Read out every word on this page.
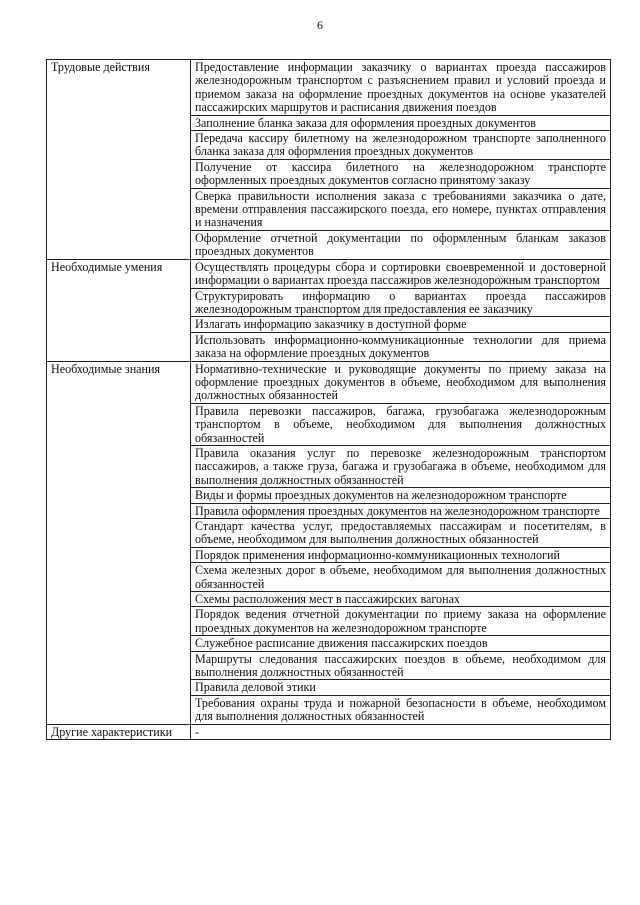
6
Трудовые действия	Предоставление информации заказчику о вариантах проезда пассажиров железнодорожным транспортом с разъяснением правил и условий проезда и приемом заказа на оформление проездных документов на основе указателей пассажирских маршрутов и расписания движения поездов
	Заполнение бланка заказа для оформления проездных документов
	Передача кассиру билетному на железнодорожном транспорте заполненного бланка заказа для оформления проездных документов
	Получение от кассира билетного на железнодорожном транспорте оформленных проездных документов согласно принятому заказу
	Сверка правильности исполнения заказа с требованиями заказчика о дате, времени отправления пассажирского поезда, его номере, пунктах отправления и назначения
	Оформление отчетной документации по оформленным бланкам заказов проездных документов
Необходимые умения	Осуществлять процедуры сбора и сортировки своевременной и достоверной информации о вариантах проезда пассажиров железнодорожным транспортом
	Структурировать информацию о вариантах проезда пассажиров железнодорожным транспортом для предоставления ее заказчику
	Излагать информацию заказчику в доступной форме
	Использовать информационно-коммуникационные технологии для приема заказа на оформление проездных документов
Необходимые знания	Нормативно-технические и руководящие документы по приему заказа на оформление проездных документов в объеме, необходимом для выполнения должностных обязанностей
	Правила перевозки пассажиров, багажа, грузобагажа железнодорожным транспортом в объеме, необходимом для выполнения должностных обязанностей
	Правила оказания услуг по перевозке железнодорожным транспортом пассажиров, а также груза, багажа и грузобагажа в объеме, необходимом для выполнения должностных обязанностей
	Виды и формы проездных документов на железнодорожном транспорте
	Правила оформления проездных документов на железнодорожном транспорте
	Стандарт качества услуг, предоставляемых пассажирам и посетителям, в объеме, необходимом для выполнения должностных обязанностей
	Порядок применения информационно-коммуникационных технологий
	Схема железных дорог в объеме, необходимом для выполнения должностных обязанностей
	Схемы расположения мест в пассажирских вагонах
	Порядок ведения отчетной документации по приему заказа на оформление проездных документов на железнодорожном транспорте
	Служебное расписание движения пассажирских поездов
	Маршруты следования пассажирских поездов в объеме, необходимом для выполнения должностных обязанностей
	Правила деловой этики
	Требования охраны труда и пожарной безопасности в объеме, необходимом для выполнения должностных обязанностей
Другие характеристики	-
